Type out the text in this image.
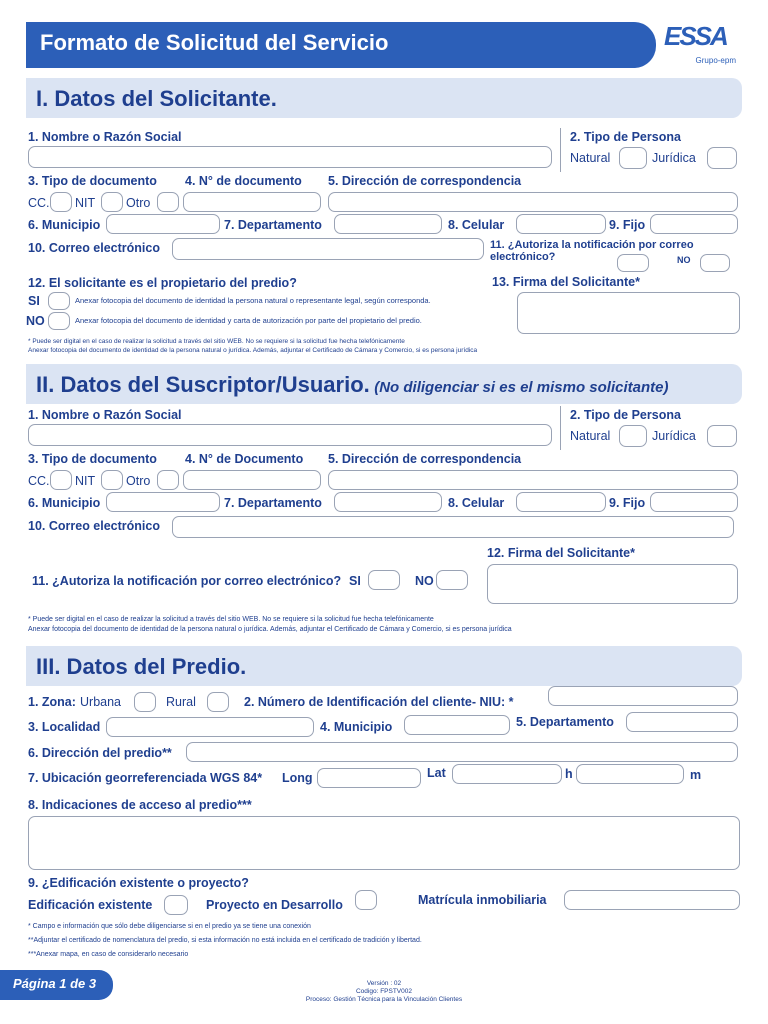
Formato de Solicitud del Servicio	ESSA
Grupo-epm
I. Datos del Solicitante.
1. Nombre o Razón Social	2. Tipo de Persona
Natural	Jurídica
3. Tipo de documento 4. N° de documento 5. Dirección de correspondencia
CC. NIT Otro
6. Municipio	7. Departamento	8. Celular	9. Fijo
10. Correo electrónico	11. ¿Autoriza la notificación por correo electrónico?	NO
12. El solicitante es el propietario del predio?	13. Firma del Solicitante*
SI	Anexar fotocopia del documento de identidad la persona natural o representante legal, según corresponda.
NO	Anexar fotocopia del documento de identidad y carta de autorización por parte del propietario del predio.
* Puede ser digital en el caso de realizar la solicitud a través del sitio WEB. No se requiere si la solicitud fue hecha telefónicamente
Anexar fotocopia del documento de identidad de la persona natural o jurídica. Además, adjuntar el Certificado de Cámara y Comercio, si es persona jurídica
II. Datos del Suscriptor/Usuario. (No diligenciar si es el mismo solicitante)
1. Nombre o Razón Social	2. Tipo de Persona
Natural	Jurídica
3. Tipo de documento 4. N° de Documento 5. Dirección de correspondencia
CC. NIT Otro
6. Municipio	7. Departamento	8. Celular	9. Fijo
10. Correo electrónico
12. Firma del Solicitante*
11. ¿Autoriza la notificación por correo electrónico? SI	NO
* Puede ser digital en el caso de realizar la solicitud a través del sitio WEB. No se requiere si la solicitud fue hecha telefónicamente
Anexar fotocopia del documento de identidad de la persona natural o jurídica. Además, adjuntar el Certificado de Cámara y Comercio, si es persona jurídica
III. Datos del Predio.
1. Zona: Urbana	Rural	2. Número de Identificación del cliente- NIU: *
3. Localidad	4. Municipio	5. Departamento
6. Dirección del predio**
7. Ubicación georreferenciada WGS 84* Long	Lat	h	m
8. Indicaciones de acceso al predio***
9. ¿Edificación existente o proyecto?
Edificación existente	Proyecto en Desarrollo	Matrícula inmobiliaria
* Campo e información que sólo debe diligenciarse si en el predio ya se tiene una conexión
**Adjuntar el certificado de nomenclatura del predio, si esta información no está incluida en el certificado de tradición y libertad.
***Anexar mapa, en caso de considerarlo necesario
Página 1 de 3	Versión : 02
Codigo: FPSTV002
Proceso: Gestión Técnica para la Vinculación Clientes
